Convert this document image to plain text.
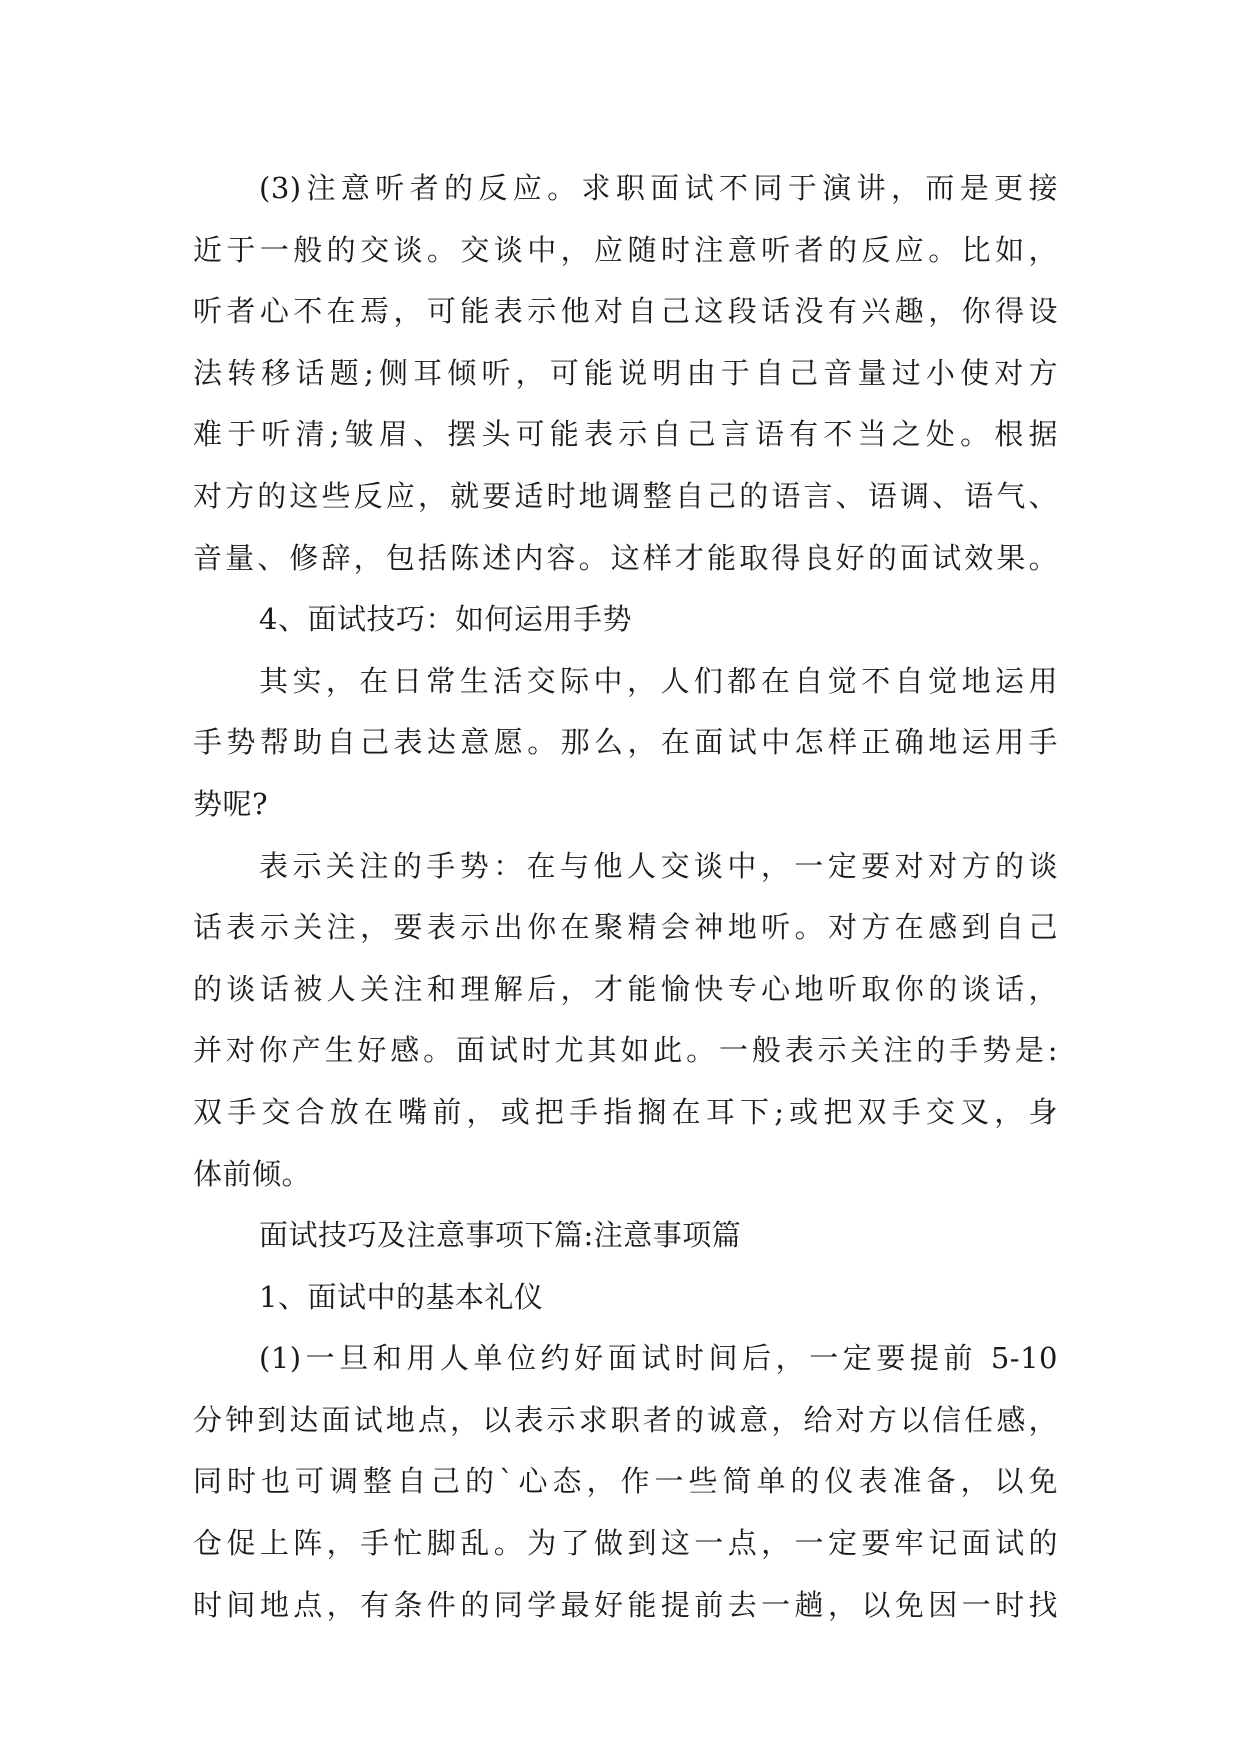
(3)注意听者的反应。求职面试不同于演讲，而是更接
近于一般的交谈。交谈中，应随时注意听者的反应。比如，
听者心不在焉，可能表示他对自己这段话没有兴趣，你得设
法转移话题;侧耳倾听，可能说明由于自己音量过小使对方
难于听清;皱眉、摆头可能表示自己言语有不当之处。根据
对方的这些反应，就要适时地调整自己的语言、语调、语气、
音量、修辞，包括陈述内容。这样才能取得良好的面试效果。
4、面试技巧：如何运用手势
其实，在日常生活交际中，人们都在自觉不自觉地运用
手势帮助自己表达意愿。那么，在面试中怎样正确地运用手
势呢?
表示关注的手势：在与他人交谈中，一定要对对方的谈
话表示关注，要表示出你在聚精会神地听。对方在感到自己
的谈话被人关注和理解后，才能愉快专心地听取你的谈话，
并对你产生好感。面试时尤其如此。一般表示关注的手势是:
双手交合放在嘴前，或把手指搁在耳下;或把双手交叉，身
体前倾。
面试技巧及注意事项下篇:注意事项篇
1、面试中的基本礼仪
(1)一旦和用人单位约好面试时间后，一定要提前 5-10
分钟到达面试地点，以表示求职者的诚意，给对方以信任感，
同时也可调整自己的`心态，作一些简单的仪表准备，以免
仓促上阵，手忙脚乱。为了做到这一点，一定要牢记面试的
时间地点，有条件的同学最好能提前去一趟，以免因一时找
